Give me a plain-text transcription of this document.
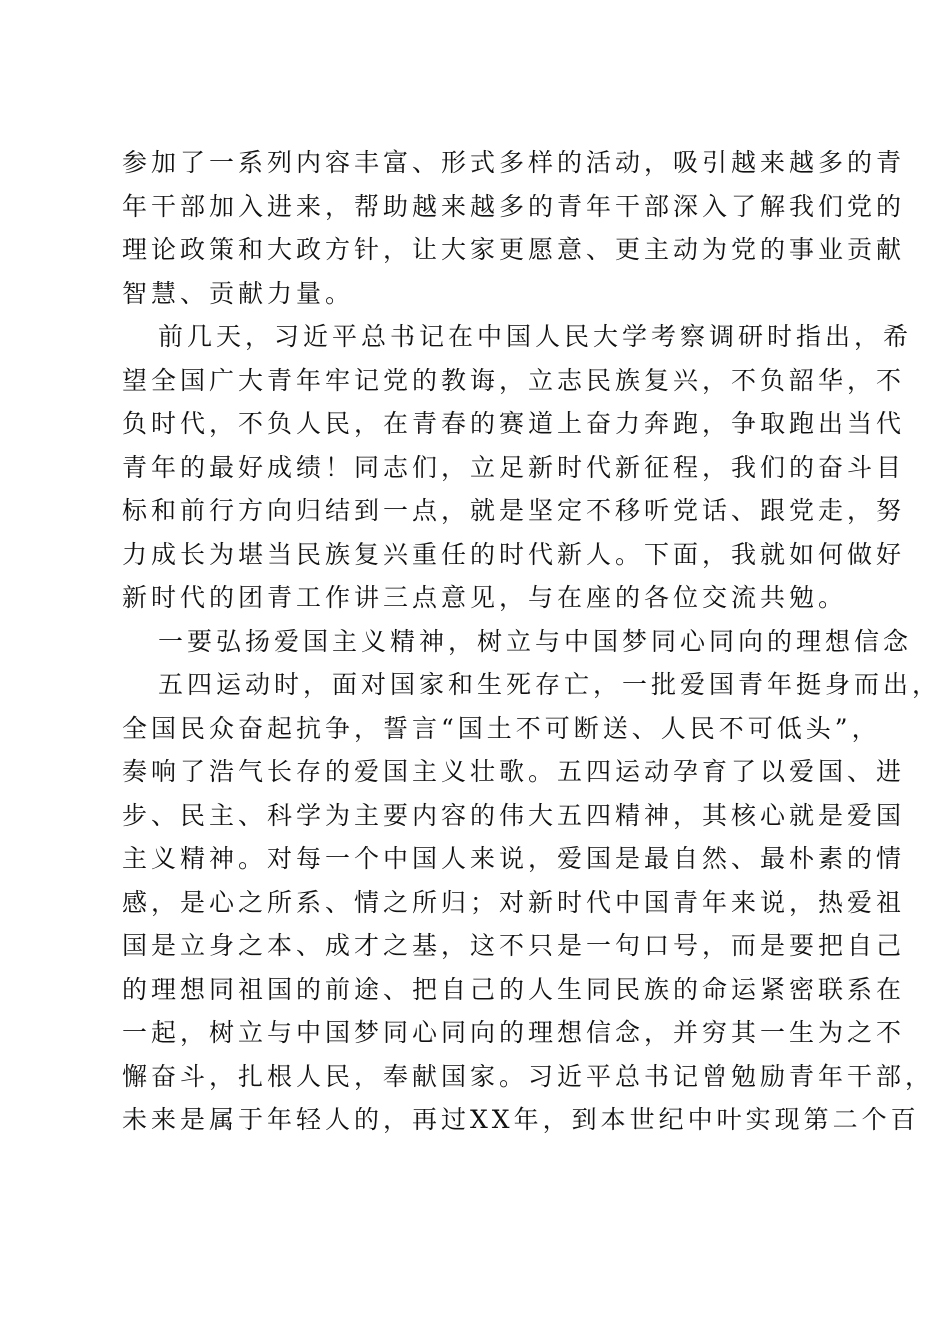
参加了一系列内容丰富、形式多样的活动，吸引越来越多的青
年干部加入进来，帮助越来越多的青年干部深入了解我们党的
理论政策和大政方针，让大家更愿意、更主动为党的事业贡献
智慧、贡献力量。
前几天，习近平总书记在中国人民大学考察调研时指出，希
望全国广大青年牢记党的教诲，立志民族复兴，不负韶华，不
负时代，不负人民，在青春的赛道上奋力奔跑，争取跑出当代
青年的最好成绩！同志们，立足新时代新征程，我们的奋斗目
标和前行方向归结到一点，就是坚定不移听党话、跟党走，努
力成长为堪当民族复兴重任的时代新人。下面，我就如何做好
新时代的团青工作讲三点意见，与在座的各位交流共勉。
一要弘扬爱国主义精神，树立与中国梦同心同向的理想信念
五四运动时，面对国家和生死存亡，一批爱国青年挺身而出，
全国民众奋起抗争，誓言“国土不可断送、人民不可低头”，
奏响了浩气长存的爱国主义壮歌。五四运动孕育了以爱国、进
步、民主、科学为主要内容的伟大五四精神，其核心就是爱国
主义精神。对每一个中国人来说，爱国是最自然、最朴素的情
感，是心之所系、情之所归；对新时代中国青年来说，热爱祖
国是立身之本、成才之基，这不只是一句口号，而是要把自己
的理想同祖国的前途、把自己的人生同民族的命运紧密联系在
一起，树立与中国梦同心同向的理想信念，并穷其一生为之不
懈奋斗，扎根人民，奉献国家。习近平总书记曾勉励青年干部，
未来是属于年轻人的，再过XX年，到本世纪中叶实现第二个百
